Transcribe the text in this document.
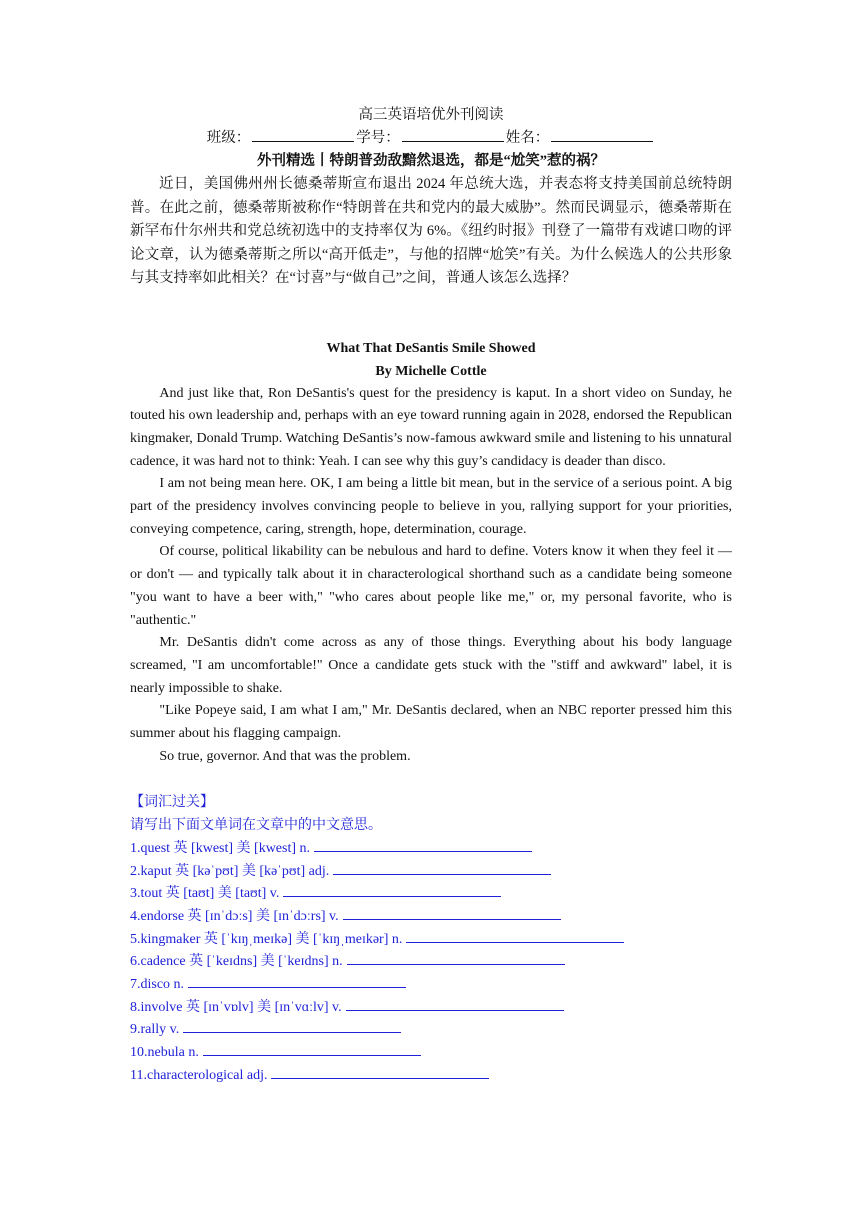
高三英语培优外刊阅读
班级：	学号：	姓名：
外刊精选丨特朗普劲敌黯然退选，都是“尬笑”惹的祸？

近日，美国佛州州长德桑蒂斯宣布退出 2024 年总统大选，并表态将支持美国前总统特朗普。在此之前，德桑蒂斯被称作“特朗普在共和党内的最大威胁”。然而民调显示，德桑蒂斯在新罕布什尔州共和党总统初选中的支持率仅为 6%。《纽约时报》刊登了一篇带有戏谑口吻的评论文章，认为德桑蒂斯之所以“高开低走”，与他的招牌“尬笑”有关。为什么候选人的公共形象与其支持率如此相关？在“讨喜”与“做自己”之间，普通人该怎么选择？

What That DeSantis Smile Showed
By Michelle Cottle

And just like that, Ron DeSantis's quest for the presidency is kaput. In a short video on Sunday, he touted his own leadership and, perhaps with an eye toward running again in 2028, endorsed the Republican kingmaker, Donald Trump. Watching DeSantis’s now-famous awkward smile and listening to his unnatural cadence, it was hard not to think: Yeah. I can see why this guy’s candidacy is deader than disco.

I am not being mean here. OK, I am being a little bit mean, but in the service of a serious point. A big part of the presidency involves convincing people to believe in you, rallying support for your priorities, conveying competence, caring, strength, hope, determination, courage.

Of course, political likability can be nebulous and hard to define. Voters know it when they feel it — or don't — and typically talk about it in characterological shorthand such as a candidate being someone "you want to have a beer with," "who cares about people like me," or, my personal favorite, who is "authentic."

Mr. DeSantis didn't come across as any of those things. Everything about his body language screamed, "I am uncomfortable!" Once a candidate gets stuck with the "stiff and awkward" label, it is nearly impossible to shake.

"Like Popeye said, I am what I am," Mr. DeSantis declared, when an NBC reporter pressed him this summer about his flagging campaign.

So true, governor. And that was the problem.

【词汇过关】
请写出下面文单词在文章中的中文意思。
1.quest 英 [kwest] 美 [kwest] n.
2.kaput 英 [kəˈpʊt] 美 [kəˈpʊt] adj.
3.tout 英 [taʊt] 美 [taʊt] v.
4.endorse 英 [ɪnˈdɔːs] 美 [ɪnˈdɔːrs] v.
5.kingmaker 英 [ˈkɪŋˌmeɪkə] 美 [ˈkɪŋˌmeɪkər] n.
6.cadence 英 [ˈkeɪdns] 美 [ˈkeɪdns] n.
7.disco n.
8.involve 英 [ɪnˈvɒlv] 美 [ɪnˈvɑːlv] v.
9.rally v.
10.nebula n.
11.characterological adj.
